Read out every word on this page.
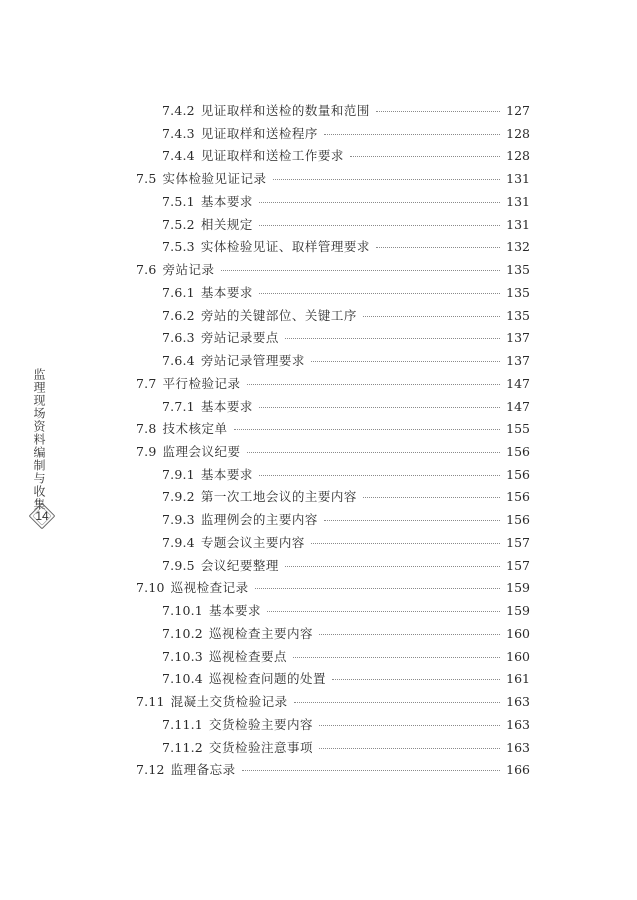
监理现场资料编制与收集
14
7.4.2 见证取样和送检的数量和范围	127
7.4.3 见证取样和送检程序	128
7.4.4 见证取样和送检工作要求	128
7.5 实体检验见证记录	131
7.5.1 基本要求	131
7.5.2 相关规定	131
7.5.3 实体检验见证、取样管理要求	132
7.6 旁站记录	135
7.6.1 基本要求	135
7.6.2 旁站的关键部位、关键工序	135
7.6.3 旁站记录要点	137
7.6.4 旁站记录管理要求	137
7.7 平行检验记录	147
7.7.1 基本要求	147
7.8 技术核定单	155
7.9 监理会议纪要	156
7.9.1 基本要求	156
7.9.2 第一次工地会议的主要内容	156
7.9.3 监理例会的主要内容	156
7.9.4 专题会议主要内容	157
7.9.5 会议纪要整理	157
7.10 巡视检查记录	159
7.10.1 基本要求	159
7.10.2 巡视检查主要内容	160
7.10.3 巡视检查要点	160
7.10.4 巡视检查问题的处置	161
7.11 混凝土交货检验记录	163
7.11.1 交货检验主要内容	163
7.11.2 交货检验注意事项	163
7.12 监理备忘录	166
